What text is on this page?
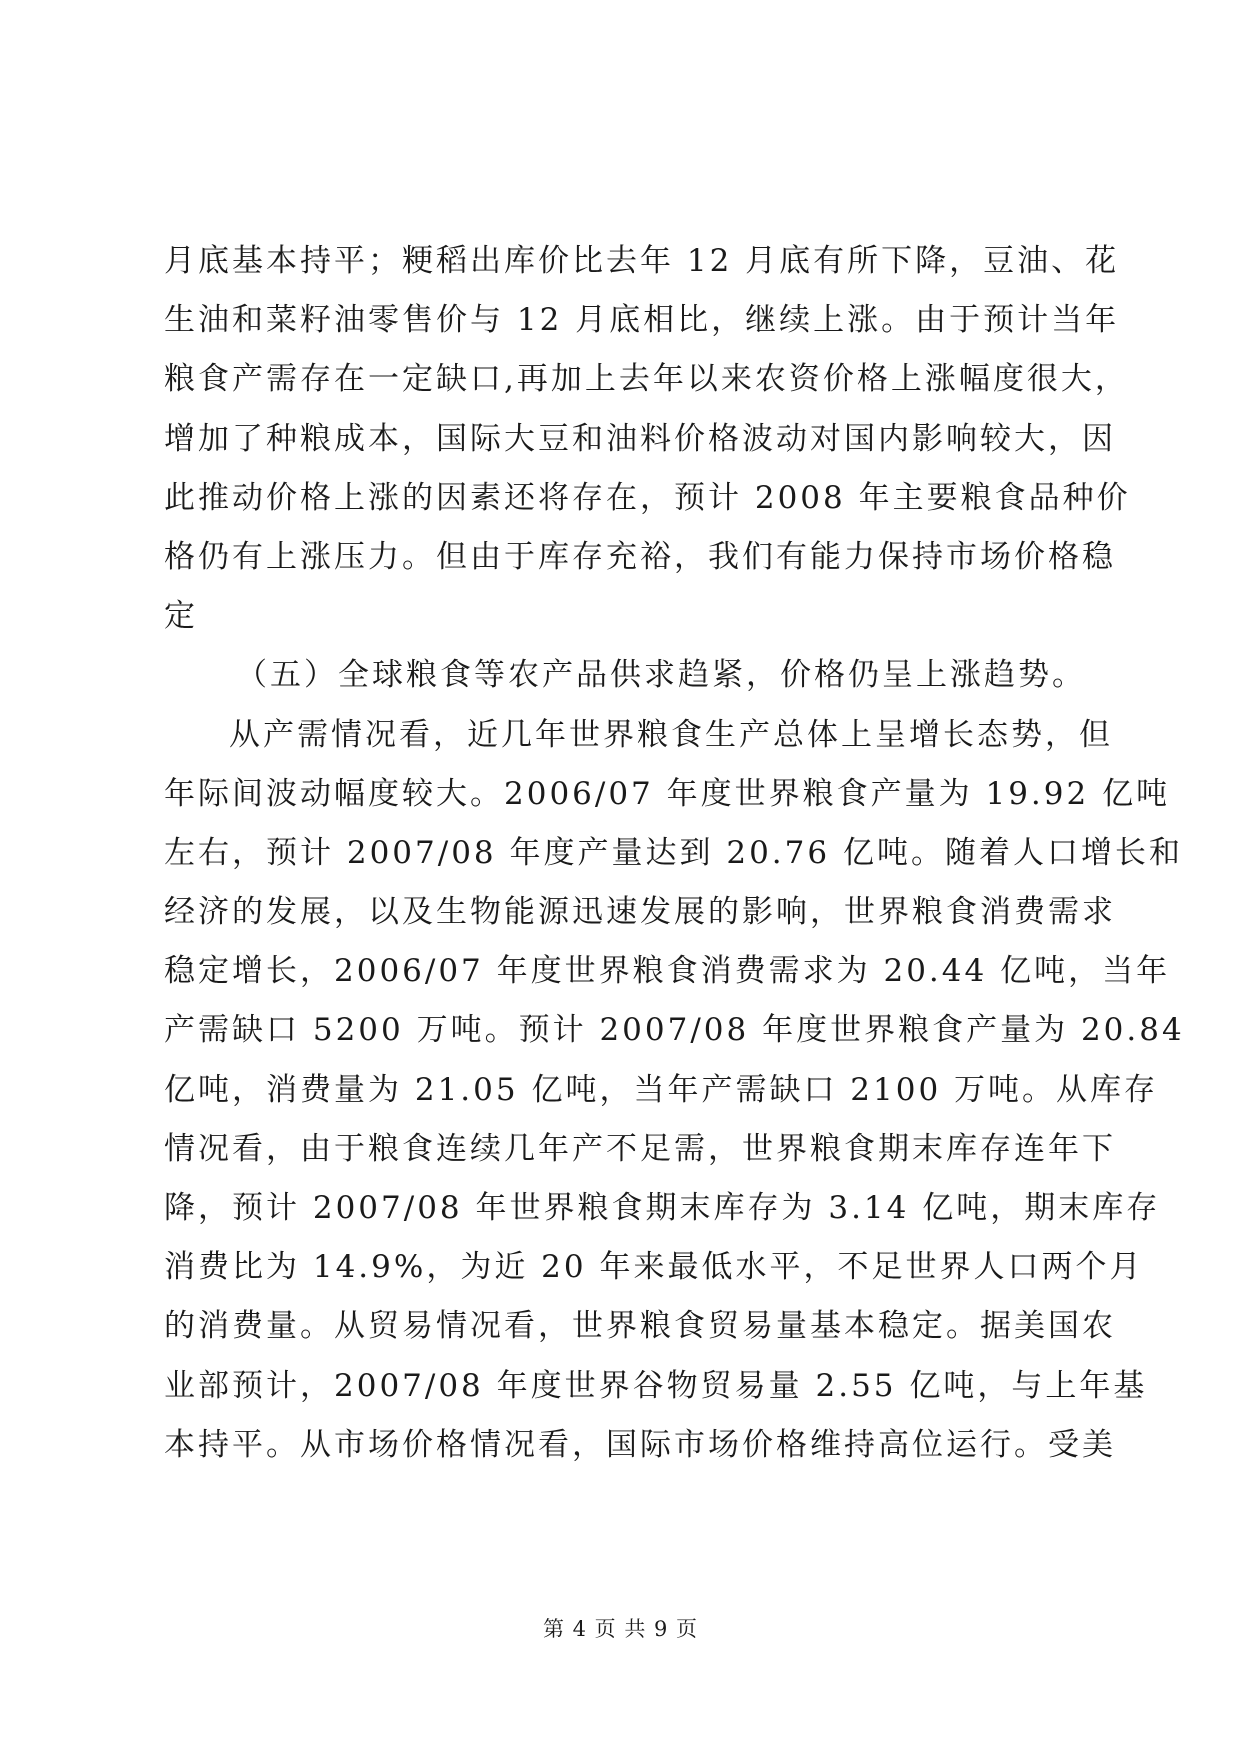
月底基本持平；粳稻出库价比去年 12 月底有所下降，豆油、花
生油和菜籽油零售价与 12 月底相比，继续上涨。由于预计当年
粮食产需存在一定缺口,再加上去年以来农资价格上涨幅度很大，
增加了种粮成本，国际大豆和油料价格波动对国内影响较大，因
此推动价格上涨的因素还将存在，预计 2008 年主要粮食品种价
格仍有上涨压力。但由于库存充裕，我们有能力保持市场价格稳
定
（五）全球粮食等农产品供求趋紧，价格仍呈上涨趋势。
从产需情况看，近几年世界粮食生产总体上呈增长态势，但
年际间波动幅度较大。2006/07 年度世界粮食产量为 19.92 亿吨
左右，预计 2007/08 年度产量达到 20.76 亿吨。随着人口增长和
经济的发展，以及生物能源迅速发展的影响，世界粮食消费需求
稳定增长，2006/07 年度世界粮食消费需求为 20.44 亿吨，当年
产需缺口 5200 万吨。预计 2007/08 年度世界粮食产量为 20.84
亿吨，消费量为 21.05 亿吨，当年产需缺口 2100 万吨。从库存
情况看，由于粮食连续几年产不足需，世界粮食期末库存连年下
降，预计 2007/08 年世界粮食期末库存为 3.14 亿吨，期末库存
消费比为 14.9%，为近 20 年来最低水平，不足世界人口两个月
的消费量。从贸易情况看，世界粮食贸易量基本稳定。据美国农
业部预计，2007/08 年度世界谷物贸易量 2.55 亿吨，与上年基
本持平。从市场价格情况看，国际市场价格维持高位运行。受美
第 4 页 共 9 页
